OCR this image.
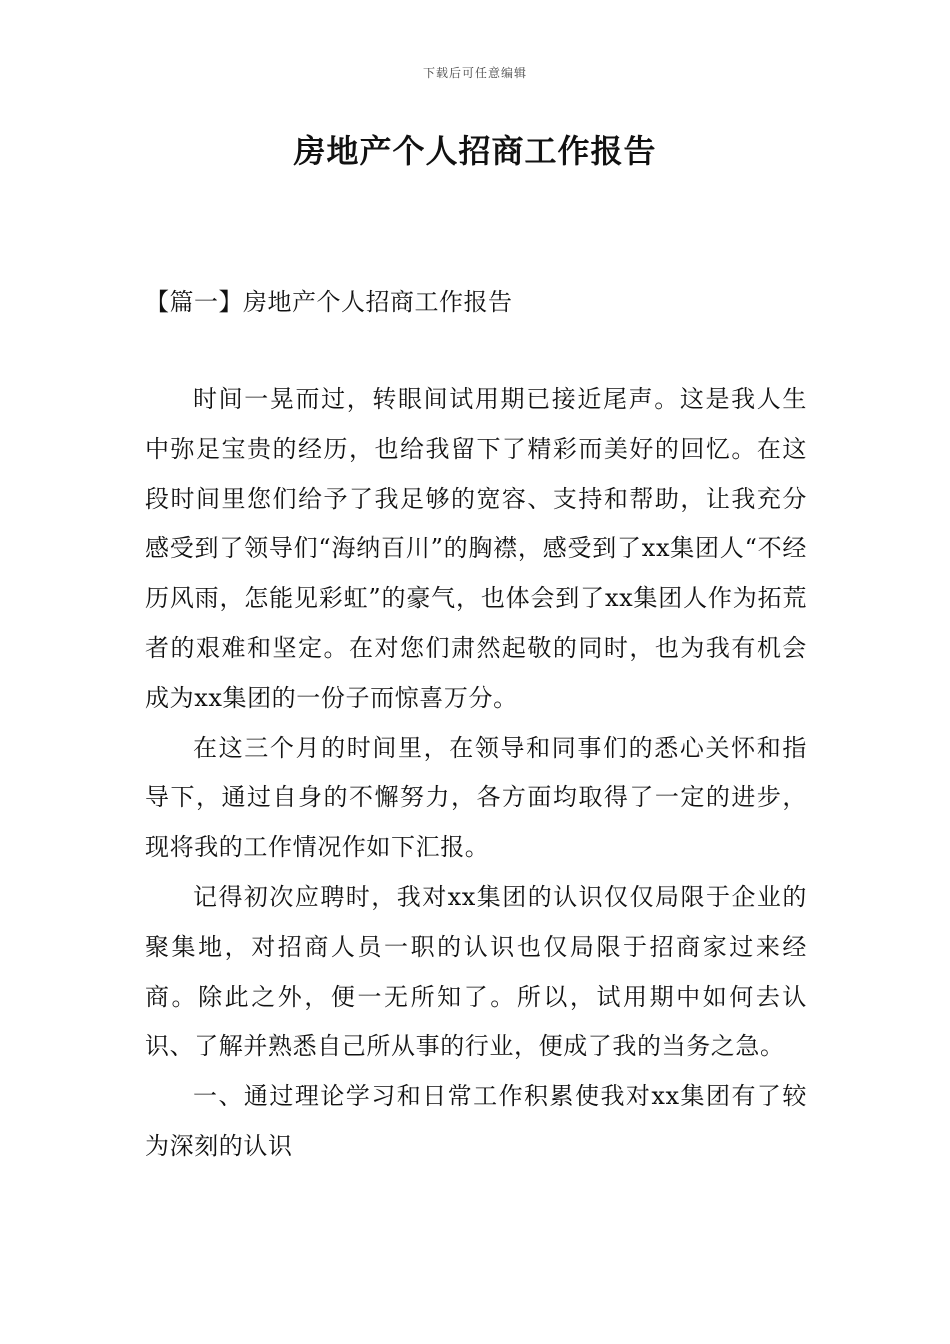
下载后可任意编辑
房地产个人招商工作报告
【篇一】房地产个人招商工作报告

时间一晃而过，转眼间试用期已接近尾声。这是我人生中弥足宝贵的经历，也给我留下了精彩而美好的回忆。在这段时间里您们给予了我足够的宽容、支持和帮助，让我充分感受到了领导们“海纳百川”的胸襟，感受到了xx集团人“不经历风雨，怎能见彩虹”的豪气，也体会到了xx集团人作为拓荒者的艰难和坚定。在对您们肃然起敬的同时，也为我有机会成为xx集团的一份子而惊喜万分。

在这三个月的时间里，在领导和同事们的悉心关怀和指导下，通过自身的不懈努力，各方面均取得了一定的进步，现将我的工作情况作如下汇报。

记得初次应聘时，我对xx集团的认识仅仅局限于企业的聚集地，对招商人员一职的认识也仅局限于招商家过来经商。除此之外，便一无所知了。所以，试用期中如何去认识、了解并熟悉自己所从事的行业，便成了我的当务之急。

一、通过理论学习和日常工作积累使我对xx集团有了较为深刻的认识
